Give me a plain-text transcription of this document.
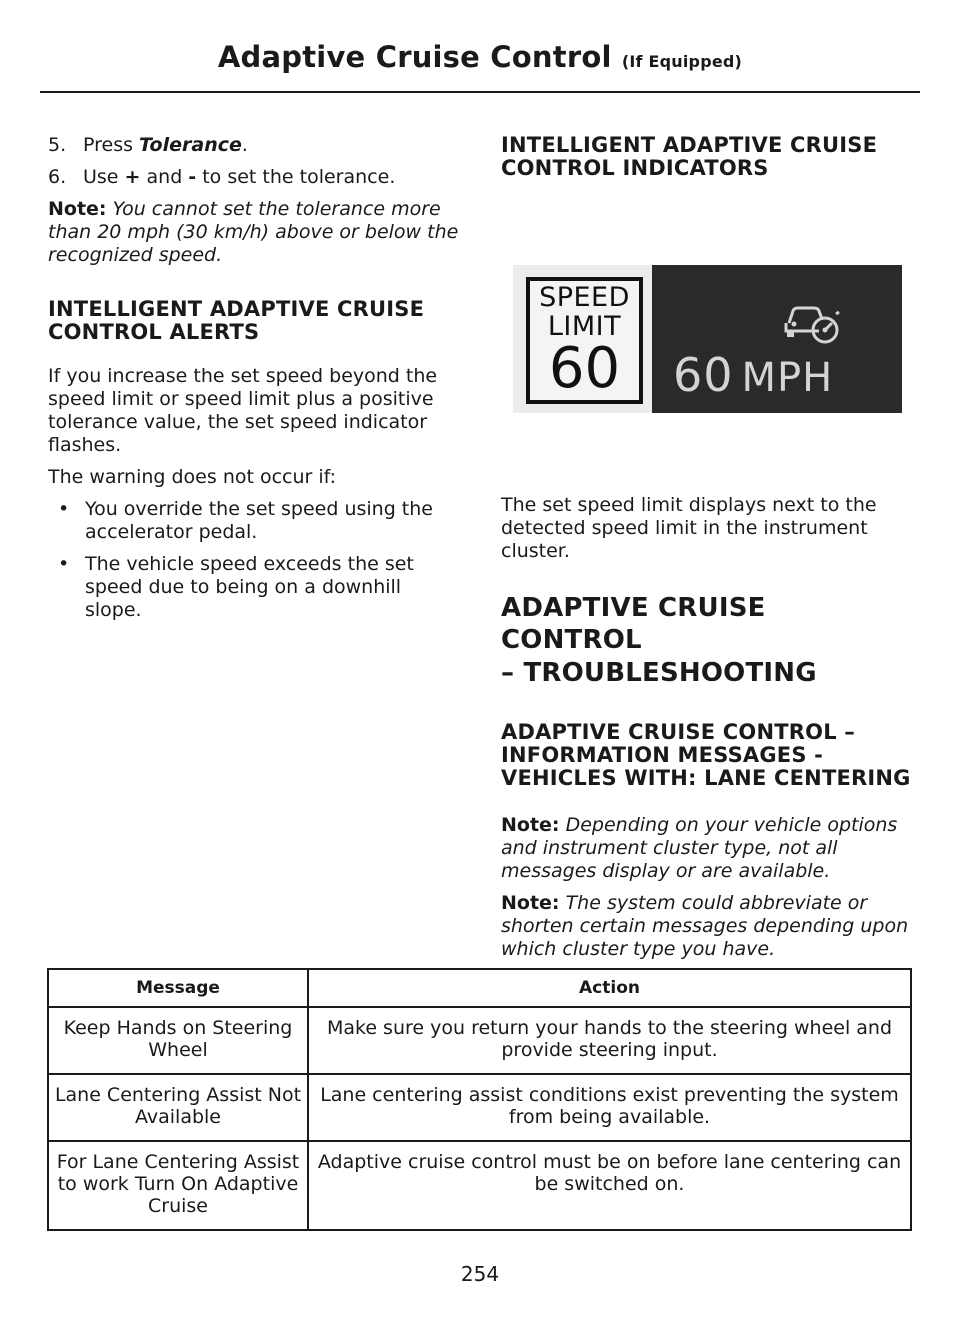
Adaptive Cruise Control (If Equipped)
5. Press Tolerance.
6. Use + and - to set the tolerance.

Note: You cannot set the tolerance more than 20 mph (30 km/h) above or below the recognized speed.

INTELLIGENT ADAPTIVE CRUISE CONTROL ALERTS

If you increase the set speed beyond the speed limit or speed limit plus a positive tolerance value, the set speed indicator flashes.

The warning does not occur if:

• You override the set speed using the accelerator pedal.
• The vehicle speed exceeds the set speed due to being on a downhill slope.
INTELLIGENT ADAPTIVE CRUISE CONTROL INDICATORS

The set speed limit displays next to the detected speed limit in the instrument cluster.

ADAPTIVE CRUISE CONTROL
– TROUBLESHOOTING
ADAPTIVE CRUISE CONTROL – INFORMATION MESSAGES - VEHICLES WITH: LANE CENTERING

Note: Depending on your vehicle options and instrument cluster type, not all messages display or are available.

Note: The system could abbreviate or shorten certain messages depending upon which cluster type you have.

SPEED
LIMIT
60	60 MPH
Message	Action
Keep Hands on Steering Wheel	Make sure you return your hands to the steering wheel and provide steering input.
Lane Centering Assist Not Available	Lane centering assist conditions exist preventing the system from being available.
For Lane Centering Assist to work Turn On Adaptive Cruise	Adaptive cruise control must be on before lane centering can be switched on.
254
